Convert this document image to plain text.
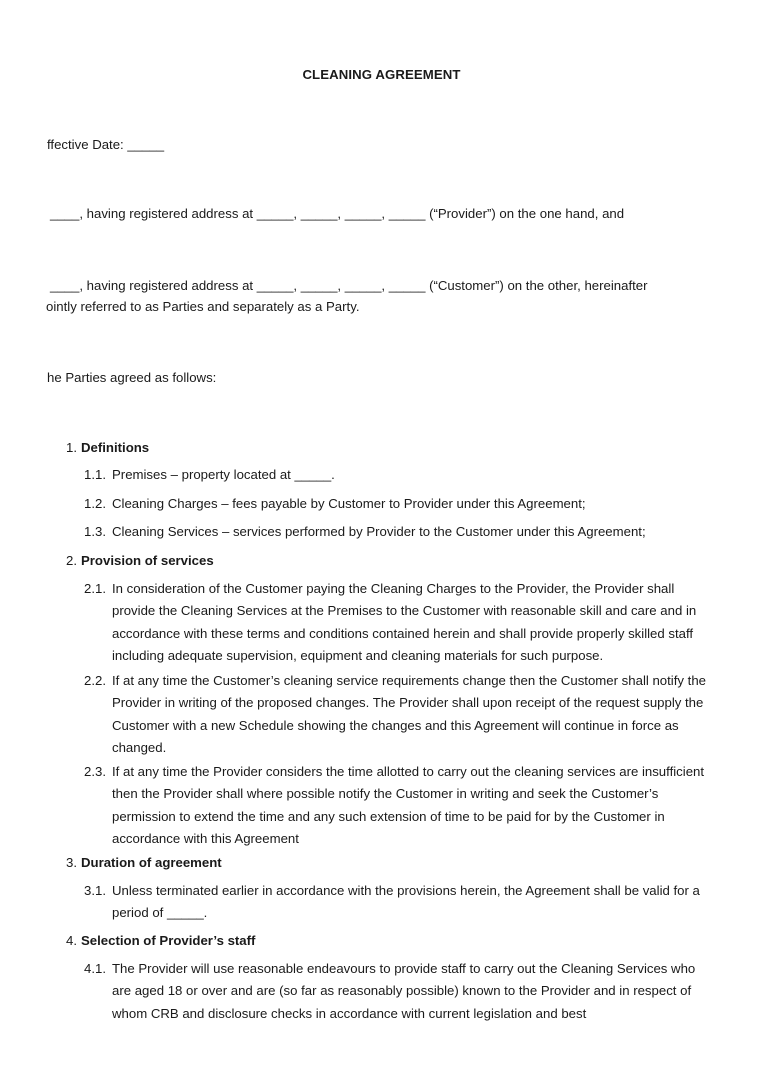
CLEANING AGREEMENT
ffective Date: _____
____, having registered address at _____, _____, _____, _____ (“Provider”) on the one hand, and
____, having registered address at _____, _____, _____, _____ (“Customer”) on the other, hereinafter
ointly referred to as Parties and separately as a Party.
he Parties agreed as follows:
1. Definitions
1.1. Premises – property located at _____.
1.2. Cleaning Charges – fees payable by Customer to Provider under this Agreement;
1.3. Cleaning Services – services performed by Provider to the Customer under this Agreement;
2. Provision of services
2.1. In consideration of the Customer paying the Cleaning Charges to the Provider, the Provider shall provide the Cleaning Services at the Premises to the Customer with reasonable skill and care and in accordance with these terms and conditions contained herein and shall provide properly skilled staff including adequate supervision, equipment and cleaning materials for such purpose.
2.2. If at any time the Customer’s cleaning service requirements change then the Customer shall notify the Provider in writing of the proposed changes. The Provider shall upon receipt of the request supply the Customer with a new Schedule showing the changes and this Agreement will continue in force as changed.
2.3. If at any time the Provider considers the time allotted to carry out the cleaning services are insufficient then the Provider shall where possible notify the Customer in writing and seek the Customer’s permission to extend the time and any such extension of time to be paid for by the Customer in accordance with this Agreement
3. Duration of agreement
3.1. Unless terminated earlier in accordance with the provisions herein, the Agreement shall be valid for a period of _____.
4. Selection of Provider’s staff
4.1. The Provider will use reasonable endeavours to provide staff to carry out the Cleaning Services who are aged 18 or over and are (so far as reasonably possible) known to the Provider and in respect of whom CRB and disclosure checks in accordance with current legislation and best
